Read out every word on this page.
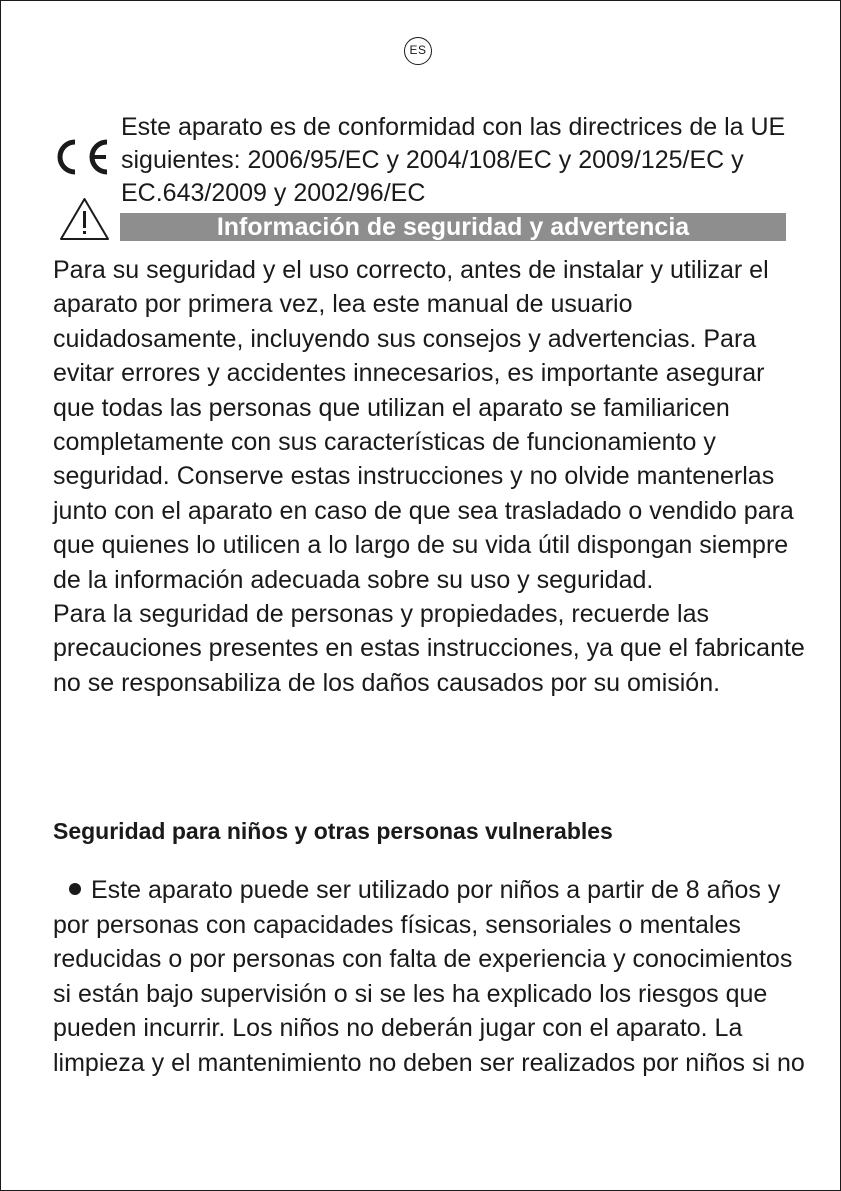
ES
Este aparato es de conformidad con las directrices de la UE siguientes: 2006/95/EC y 2004/108/EC y 2009/125/EC y EC.643/2009 y 2002/96/EC
Información de seguridad y advertencia

Para su seguridad y el uso correcto, antes de instalar y utilizar el aparato por primera vez, lea este manual de usuario cuidadosamente, incluyendo sus consejos y advertencias. Para evitar errores y accidentes innecesarios, es importante asegurar que todas las personas que utilizan el aparato se familiaricen completamente con sus características de funcionamiento y seguridad. Conserve estas instrucciones y no olvide mantenerlas junto con el aparato en caso de que sea trasladado o vendido para que quienes lo utilicen a lo largo de su vida útil dispongan siempre de la información adecuada sobre su uso y seguridad.

Para la seguridad de personas y propiedades, recuerde las precauciones presentes en estas instrucciones, ya que el fabricante no se responsabiliza de los daños causados por su omisión.

Seguridad para niños y otras personas vulnerables

Este aparato puede ser utilizado por niños a partir de 8 años y por personas con capacidades físicas, sensoriales o mentales reducidas o por personas con falta de experiencia y conocimientos si están bajo supervisión o si se les ha explicado los riesgos que pueden incurrir. Los niños no deberán jugar con el aparato. La limpieza y el mantenimiento no deben ser realizados por niños si no
